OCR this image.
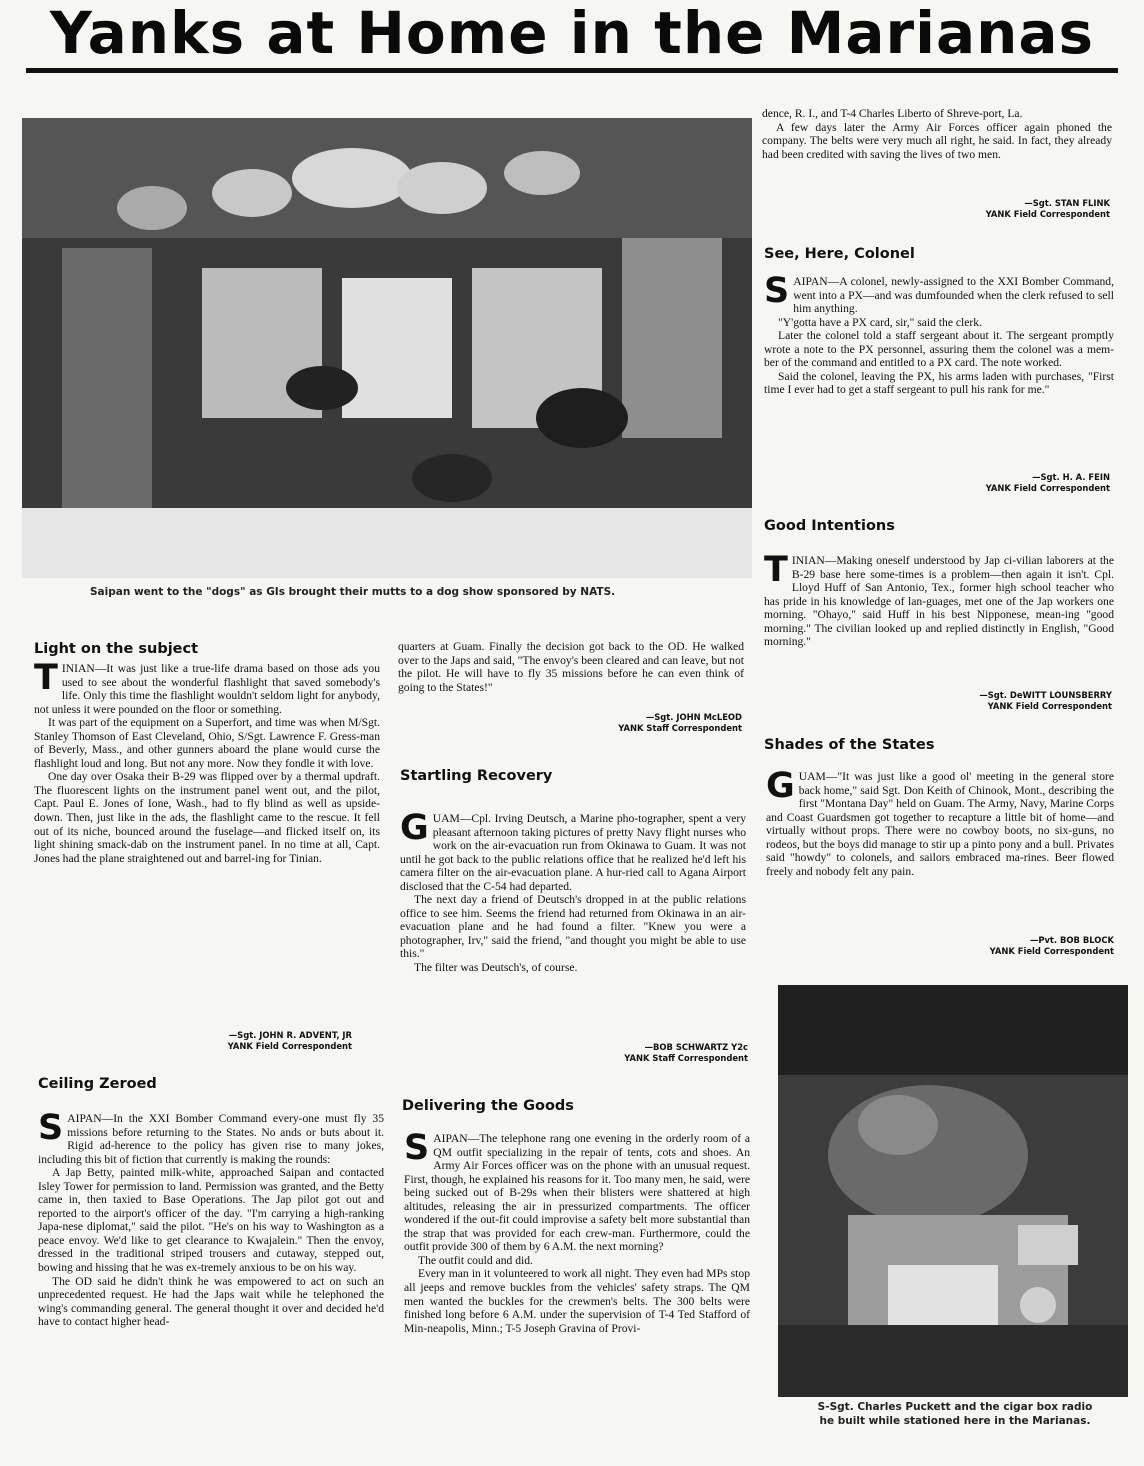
Yanks at Home in the Marianas
Saipan went to the "dogs" as GIs brought their mutts to a dog show sponsored by NATS.
Light on the subject

TINIAN—It was just like a true-life drama based on those ads you used to see about the wonderful flashlight that saved somebody's life. Only this time the flashlight wouldn't seldom light for anybody, not unless it were pounded on the floor or something.

It was part of the equipment on a Superfort, and time was when M/Sgt. Stanley Thomson of East Cleveland, Ohio, S/Sgt. Lawrence F. Gress-man of Beverly, Mass., and other gunners aboard the plane would curse the flashlight loud and long. But not any more. Now they fondle it with love.

One day over Osaka their B-29 was flipped over by a thermal updraft. The fluorescent lights on the instrument panel went out, and the pilot, Capt. Paul E. Jones of Ione, Wash., had to fly blind as well as upside-down. Then, just like in the ads, the flashlight came to the rescue. It fell out of its niche, bounced around the fuselage—and flicked itself on, its light shining smack-dab on the instrument panel. In no time at all, Capt. Jones had the plane straightened out and barrel-ing for Tinian.

—Sgt. JOHN R. ADVENT, JR
YANK Field Correspondent
Ceiling Zeroed

SAIPAN—In the XXI Bomber Command every-one must fly 35 missions before returning to the States. No ands or buts about it. Rigid ad-herence to the policy has given rise to many jokes, including this bit of fiction that currently is making the rounds:

A Jap Betty, painted milk-white, approached Saipan and contacted Isley Tower for permission to land. Permission was granted, and the Betty came in, then taxied to Base Operations. The Jap pilot got out and reported to the airport's officer of the day. "I'm carrying a high-ranking Japa-nese diplomat," said the pilot. "He's on his way to Washington as a peace envoy. We'd like to get clearance to Kwajalein." Then the envoy, dressed in the traditional striped trousers and cutaway, stepped out, bowing and hissing that he was ex-tremely anxious to be on his way.

The OD said he didn't think he was empowered to act on such an unprecedented request. He had the Japs wait while he telephoned the wing's commanding general. The general thought it over and decided he'd have to contact higher head-

quarters at Guam. Finally the decision got back to the OD. He walked over to the Japs and said, "The envoy's been cleared and can leave, but not the pilot. He will have to fly 35 missions before he can even think of going to the States!"

—Sgt. JOHN McLEOD
YANK Staff Correspondent
Startling Recovery

GUAM—Cpl. Irving Deutsch, a Marine pho-tographer, spent a very pleasant afternoon taking pictures of pretty Navy flight nurses who work on the air-evacuation run from Okinawa to Guam. It was not until he got back to the public relations office that he realized he'd left his camera filter on the air-evacuation plane. A hur-ried call to Agana Airport disclosed that the C-54 had departed.

The next day a friend of Deutsch's dropped in at the public relations office to see him. Seems the friend had returned from Okinawa in an air-evacuation plane and he had found a filter. "Knew you were a photographer, Irv," said the friend, "and thought you might be able to use this."

The filter was Deutsch's, of course.

—BOB SCHWARTZ Y2c
YANK Staff Correspondent
Delivering the Goods

SAIPAN—The telephone rang one evening in the orderly room of a QM outfit specializing in the repair of tents, cots and shoes. An Army Air Forces officer was on the phone with an unusual request. First, though, he explained his reasons for it. Too many men, he said, were being sucked out of B-29s when their blisters were shattered at high altitudes, releasing the air in pressurized compartments. The officer wondered if the out-fit could improvise a safety belt more substantial than the strap that was provided for each crew-man. Furthermore, could the outfit provide 300 of them by 6 A.M. the next morning?

The outfit could and did.

Every man in it volunteered to work all night. They even had MPs stop all jeeps and remove buckles from the vehicles' safety straps. The QM men wanted the buckles for the crewmen's belts. The 300 belts were finished long before 6 A.M. under the supervision of T-4 Ted Stafford of Min-neapolis, Minn.; T-5 Joseph Gravina of Provi-

dence, R. I., and T-4 Charles Liberto of Shreve-port, La.

A few days later the Army Air Forces officer again phoned the company. The belts were very much all right, he said. In fact, they already had been credited with saving the lives of two men.

—Sgt. STAN FLINK
YANK Field Correspondent
See, Here, Colonel

SAIPAN—A colonel, newly-assigned to the XXI Bomber Command, went into a PX—and was dumfounded when the clerk refused to sell him anything.

"Y'gotta have a PX card, sir," said the clerk.

Later the colonel told a staff sergeant about it. The sergeant promptly wrote a note to the PX personnel, assuring them the colonel was a mem-ber of the command and entitled to a PX card. The note worked.

Said the colonel, leaving the PX, his arms laden with purchases, "First time I ever had to get a staff sergeant to pull his rank for me."

—Sgt. H. A. FEIN
YANK Field Correspondent
Good Intentions

TINIAN—Making oneself understood by Jap ci-vilian laborers at the B-29 base here some-times is a problem—then again it isn't. Cpl. Lloyd Huff of San Antonio, Tex., former high school teacher who has pride in his knowledge of lan-guages, met one of the Jap workers one morning. "Ohayo," said Huff in his best Nipponese, mean-ing "good morning." The civilian looked up and replied distinctly in English, "Good morning."

—Sgt. DeWITT LOUNSBERRY
YANK Field Correspondent
Shades of the States

GUAM—"It was just like a good ol' meeting in the general store back home," said Sgt. Don Keith of Chinook, Mont., describing the first "Montana Day" held on Guam. The Army, Navy, Marine Corps and Coast Guardsmen got together to recapture a little bit of home—and virtually without props. There were no cowboy boots, no six-guns, no rodeos, but the boys did manage to stir up a pinto pony and a bull. Privates said "howdy" to colonels, and sailors embraced ma-rines. Beer flowed freely and nobody felt any pain.

—Pvt. BOB BLOCK
YANK Field Correspondent
S-Sgt. Charles Puckett and the cigar box radio
he built while stationed here in the Marianas.
